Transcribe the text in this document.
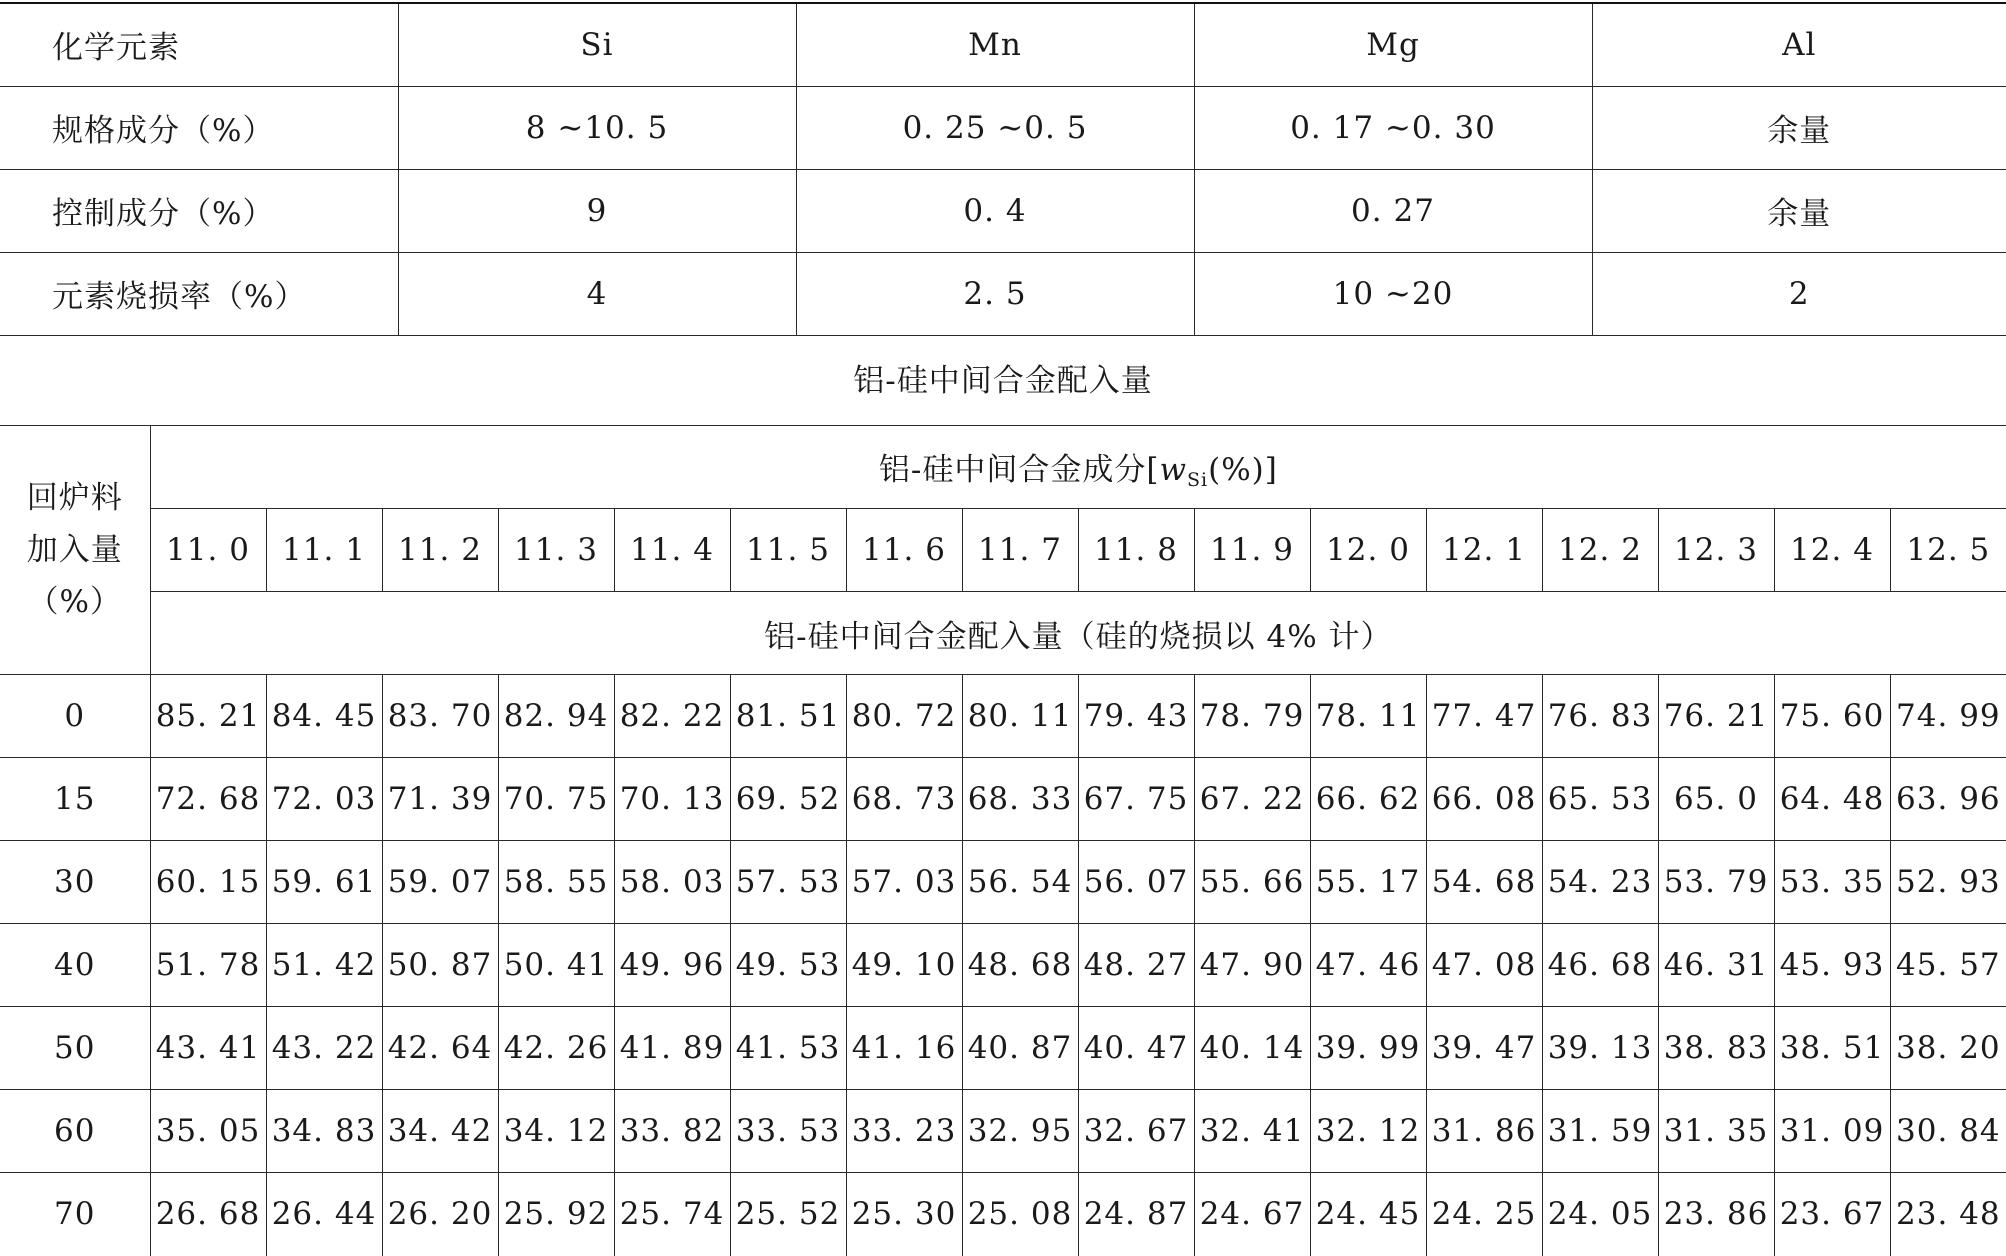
化学元素	Si	Mn	Mg	Al
规格成分（%）	8 ~10. 5	0. 25 ~0. 5	0. 17 ~0. 30	余量
控制成分（%）	9	0. 4	0. 27	余量
元素烧损率（%）	4	2. 5	10 ~20	2
铝-硅中间合金配入量
回炉料
加入量
（%）	铝-硅中间合金成分$[w_{Si}(\%)]$															
	11. 0	11. 1	11. 2	11. 3	11. 4	11. 5	11. 6	11. 7	11. 8	11. 9	12. 0	12. 1	12. 2	12. 3	12. 4	12. 5
	铝-硅中间合金配入量（硅的烧损以 4% 计）															
0	85. 21	84. 45	83. 70	82. 94	82. 22	81. 51	80. 72	80. 11	79. 43	78. 79	78. 11	77. 47	76. 83	76. 21	75. 60	74. 99
15	72. 68	72. 03	71. 39	70. 75	70. 13	69. 52	68. 73	68. 33	67. 75	67. 22	66. 62	66. 08	65. 53	65. 0	64. 48	63. 96
30	60. 15	59. 61	59. 07	58. 55	58. 03	57. 53	57. 03	56. 54	56. 07	55. 66	55. 17	54. 68	54. 23	53. 79	53. 35	52. 93
40	51. 78	51. 42	50. 87	50. 41	49. 96	49. 53	49. 10	48. 68	48. 27	47. 90	47. 46	47. 08	46. 68	46. 31	45. 93	45. 57
50	43. 41	43. 22	42. 64	42. 26	41. 89	41. 53	41. 16	40. 87	40. 47	40. 14	39. 99	39. 47	39. 13	38. 83	38. 51	38. 20
60	35. 05	34. 83	34. 42	34. 12	33. 82	33. 53	33. 23	32. 95	32. 67	32. 41	32. 12	31. 86	31. 59	31. 35	31. 09	30. 84
70	26. 68	26. 44	26. 20	25. 92	25. 74	25. 52	25. 30	25. 08	24. 87	24. 67	24. 45	24. 25	24. 05	23. 86	23. 67	23. 48
